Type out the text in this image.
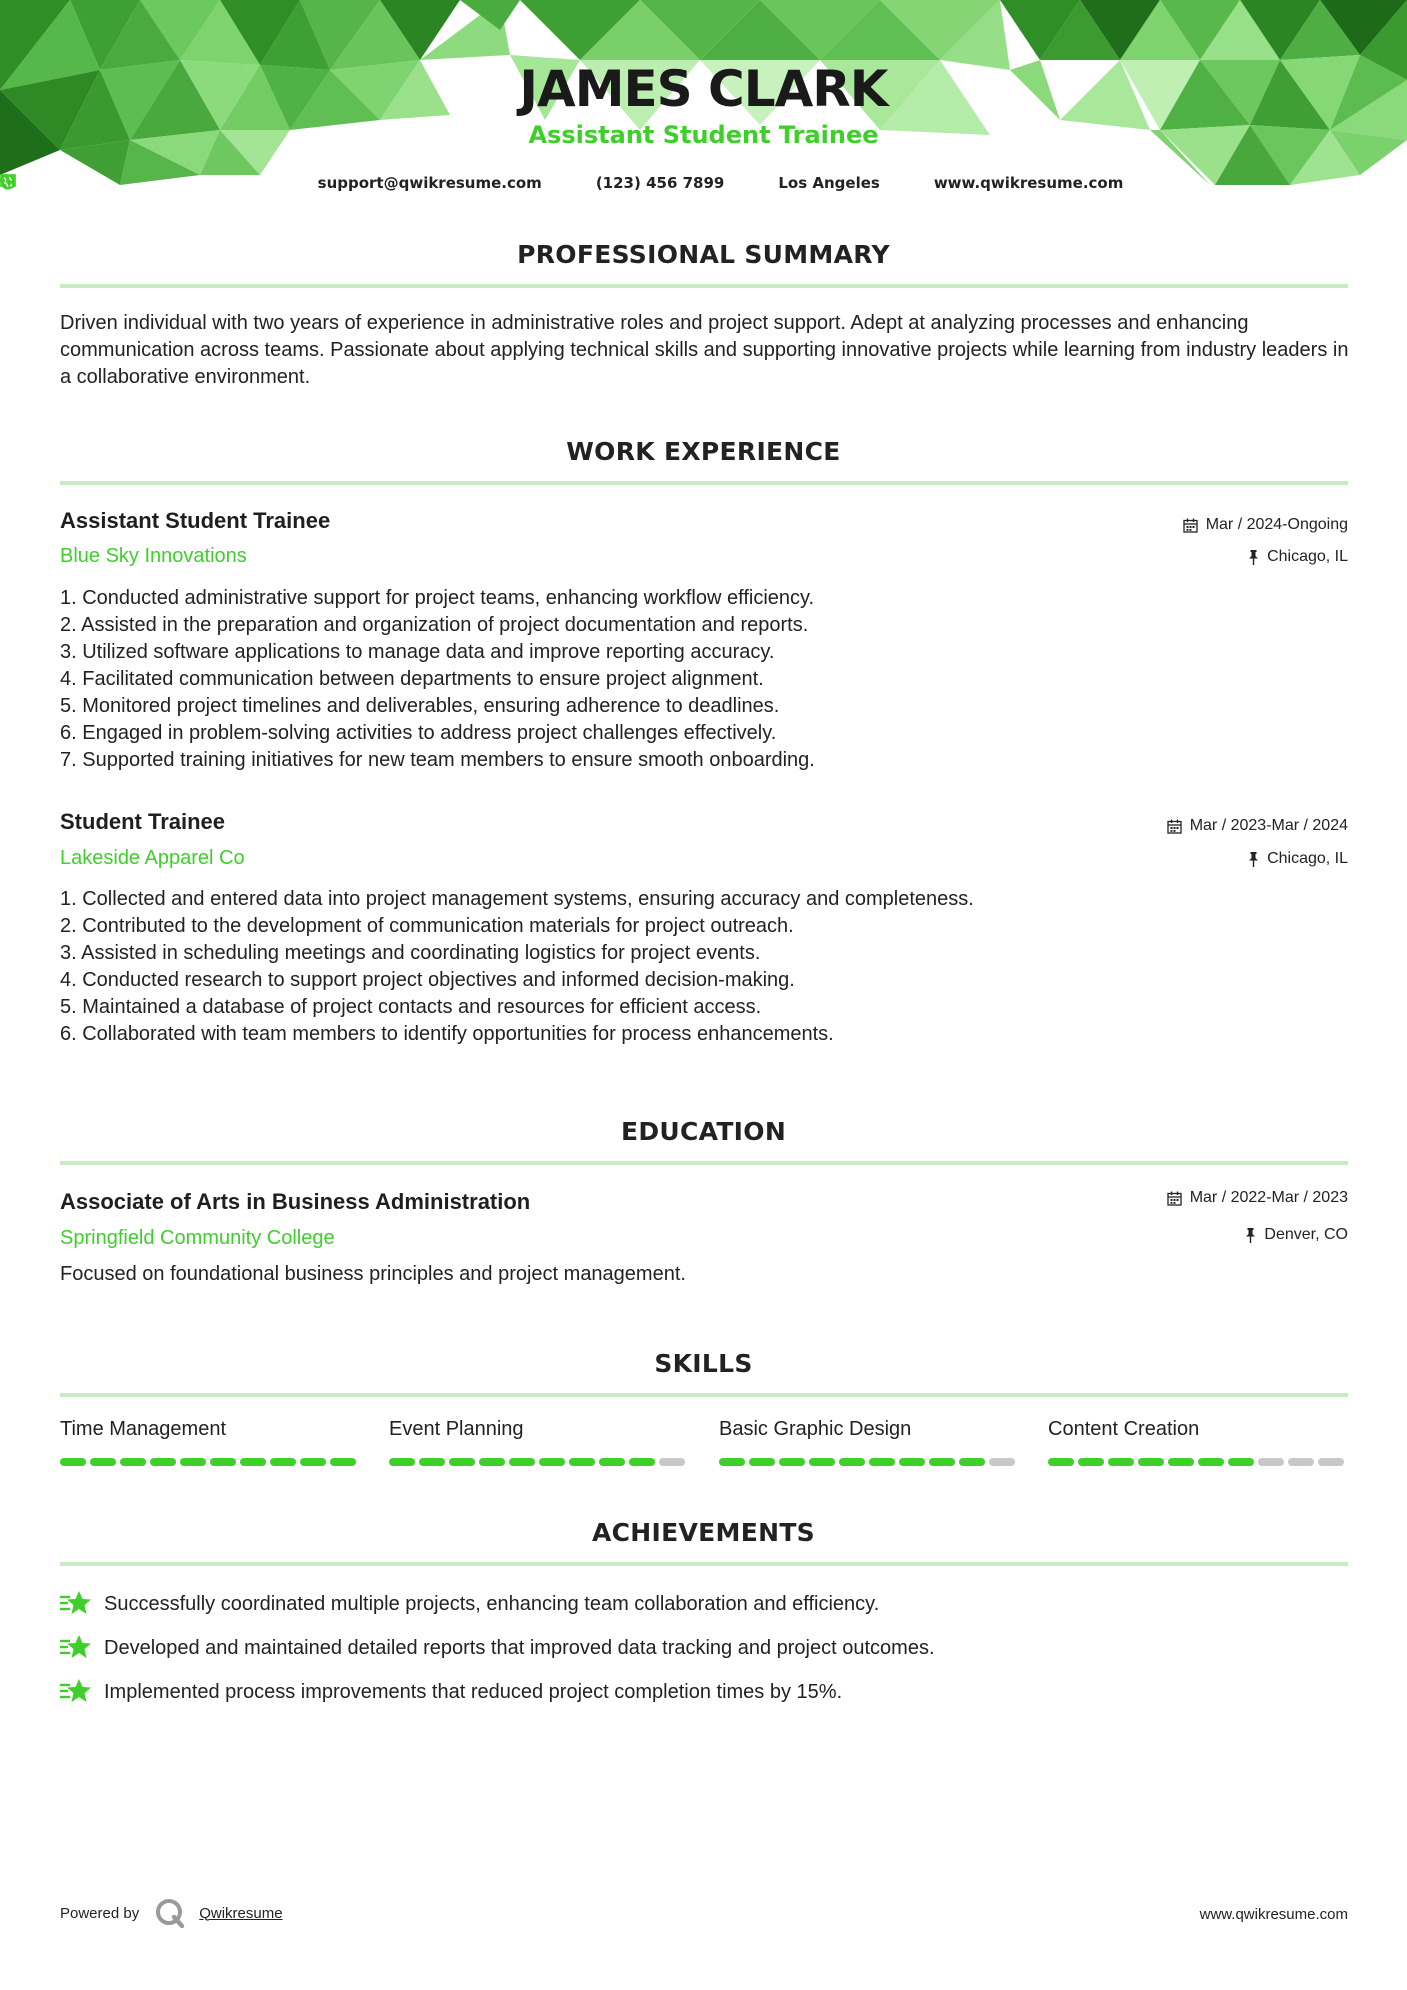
JAMES CLARK
Assistant Student Trainee
support@qwikresume.com	(123) 456 7899	Los Angeles	www.qwikresume.com
PROFESSIONAL SUMMARY
Driven individual with two years of experience in administrative roles and project support. Adept at analyzing processes and enhancing communication across teams. Passionate about applying technical skills and supporting innovative projects while learning from industry leaders in a collaborative environment.
WORK EXPERIENCE
Assistant Student Trainee
Blue Sky Innovations
Mar / 2024-Ongoing
Chicago, IL
1. Conducted administrative support for project teams, enhancing workflow efficiency.
2. Assisted in the preparation and organization of project documentation and reports.
3. Utilized software applications to manage data and improve reporting accuracy.
4. Facilitated communication between departments to ensure project alignment.
5. Monitored project timelines and deliverables, ensuring adherence to deadlines.
6. Engaged in problem-solving activities to address project challenges effectively.
7. Supported training initiatives for new team members to ensure smooth onboarding.
Student Trainee
Lakeside Apparel Co
Mar / 2023-Mar / 2024
Chicago, IL
1. Collected and entered data into project management systems, ensuring accuracy and completeness.
2. Contributed to the development of communication materials for project outreach.
3. Assisted in scheduling meetings and coordinating logistics for project events.
4. Conducted research to support project objectives and informed decision-making.
5. Maintained a database of project contacts and resources for efficient access.
6. Collaborated with team members to identify opportunities for process enhancements.
EDUCATION
Associate of Arts in Business Administration
Springfield Community College
Mar / 2022-Mar / 2023
Denver, CO
Focused on foundational business principles and project management.
SKILLS
Time Management	Event Planning	Basic Graphic Design	Content Creation
ACHIEVEMENTS
Successfully coordinated multiple projects, enhancing team collaboration and efficiency.
Developed and maintained detailed reports that improved data tracking and project outcomes.
Implemented process improvements that reduced project completion times by 15%.
Powered by	Qwikresume	www.qwikresume.com
